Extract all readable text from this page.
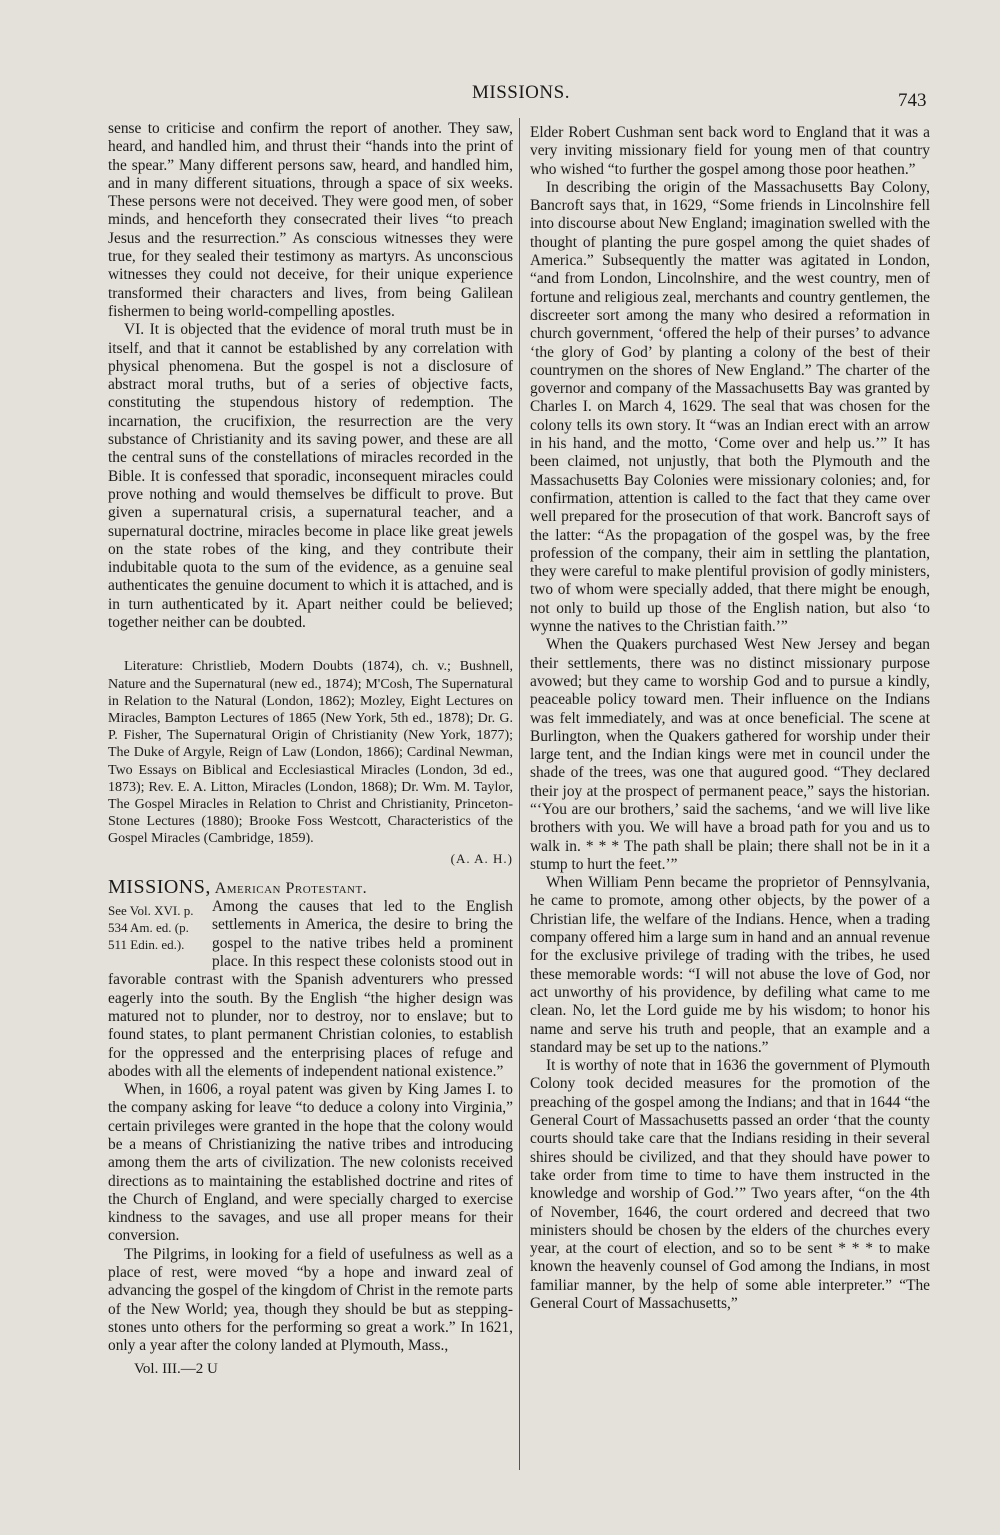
MISSIONS.	743

sense to criticise and confirm the report of another. They saw, heard, and handled him, and thrust their “hands into the print of the spear.” Many different persons saw, heard, and handled him, and in many different situations, through a space of six weeks. These persons were not deceived. They were good men, of sober minds, and henceforth they consecrated their lives “to preach Jesus and the resurrection.” As conscious witnesses they were true, for they sealed their testimony as martyrs. As unconscious witnesses they could not deceive, for their unique experience transformed their characters and lives, from being Galilean fishermen to being world-compelling apostles.

VI. It is objected that the evidence of moral truth must be in itself, and that it cannot be established by any correlation with physical phenomena. But the gospel is not a disclosure of abstract moral truths, but of a series of objective facts, constituting the stupendous history of redemption. The incarnation, the crucifixion, the resurrection are the very substance of Christianity and its saving power, and these are all the central suns of the constellations of miracles recorded in the Bible. It is confessed that sporadic, inconsequent miracles could prove nothing and would themselves be difficult to prove. But given a supernatural crisis, a supernatural teacher, and a supernatural doctrine, miracles become in place like great jewels on the state robes of the king, and they contribute their indubitable quota to the sum of the evidence, as a genuine seal authenticates the genuine document to which it is attached, and is in turn authenticated by it. Apart neither could be believed; together neither can be doubted.

Literature: Christlieb, Modern Doubts (1874), ch. v.; Bushnell, Nature and the Supernatural (new ed., 1874); M'Cosh, The Supernatural in Relation to the Natural (London, 1862); Mozley, Eight Lectures on Miracles, Bampton Lectures of 1865 (New York, 5th ed., 1878); Dr. G. P. Fisher, The Supernatural Origin of Christianity (New York, 1877); The Duke of Argyle, Reign of Law (London, 1866); Cardinal Newman, Two Essays on Biblical and Ecclesiastical Miracles (London, 3d ed., 1873); Rev. E. A. Litton, Miracles (London, 1868); Dr. Wm. M. Taylor, The Gospel Miracles in Relation to Christ and Christianity, Princeton-Stone Lectures (1880); Brooke Foss Westcott, Characteristics of the Gospel Miracles (Cambridge, 1859).

(A. A. H.)
MISSIONS, American Protestant.
See Vol. XVI. p. 534 Am. ed. (p. 511 Edin. ed.).

Among the causes that led to the English settlements in America, the desire to bring the gospel to the native tribes held a prominent place. In this respect these colonists stood out in favorable contrast with the Spanish adventurers who pressed eagerly into the south. By the English “the higher design was matured not to plunder, nor to destroy, nor to enslave; but to found states, to plant permanent Christian colonies, to establish for the oppressed and the enterprising places of refuge and abodes with all the elements of independent national existence.”

When, in 1606, a royal patent was given by King James I. to the company asking for leave “to deduce a colony into Virginia,” certain privileges were granted in the hope that the colony would be a means of Christianizing the native tribes and introducing among them the arts of civilization. The new colonists received directions as to maintaining the established doctrine and rites of the Church of England, and were specially charged to exercise kindness to the savages, and use all proper means for their conversion.

The Pilgrims, in looking for a field of usefulness as well as a place of rest, were moved “by a hope and inward zeal of advancing the gospel of the kingdom of Christ in the remote parts of the New World; yea, though they should be but as stepping-stones unto others for the performing so great a work.” In 1621, only a year after the colony landed at Plymouth, Mass.,

Vol. III.—2 U

Elder Robert Cushman sent back word to England that it was a very inviting missionary field for young men of that country who wished “to further the gospel among those poor heathen.”

In describing the origin of the Massachusetts Bay Colony, Bancroft says that, in 1629, “Some friends in Lincolnshire fell into discourse about New England; imagination swelled with the thought of planting the pure gospel among the quiet shades of America.” Subsequently the matter was agitated in London, “and from London, Lincolnshire, and the west country, men of fortune and religious zeal, merchants and country gentlemen, the discreeter sort among the many who desired a reformation in church government, ‘offered the help of their purses’ to advance ‘the glory of God’ by planting a colony of the best of their countrymen on the shores of New England.” The charter of the governor and company of the Massachusetts Bay was granted by Charles I. on March 4, 1629. The seal that was chosen for the colony tells its own story. It “was an Indian erect with an arrow in his hand, and the motto, ‘Come over and help us.’” It has been claimed, not unjustly, that both the Plymouth and the Massachusetts Bay Colonies were missionary colonies; and, for confirmation, attention is called to the fact that they came over well prepared for the prosecution of that work. Bancroft says of the latter: “As the propagation of the gospel was, by the free profession of the company, their aim in settling the plantation, they were careful to make plentiful provision of godly ministers, two of whom were specially added, that there might be enough, not only to build up those of the English nation, but also ‘to wynne the natives to the Christian faith.’”

When the Quakers purchased West New Jersey and began their settlements, there was no distinct missionary purpose avowed; but they came to worship God and to pursue a kindly, peaceable policy toward men. Their influence on the Indians was felt immediately, and was at once beneficial. The scene at Burlington, when the Quakers gathered for worship under their large tent, and the Indian kings were met in council under the shade of the trees, was one that augured good. “They declared their joy at the prospect of permanent peace,” says the historian. “‘You are our brothers,’ said the sachems, ‘and we will live like brothers with you. We will have a broad path for you and us to walk in. * * * The path shall be plain; there shall not be in it a stump to hurt the feet.’”

When William Penn became the proprietor of Pennsylvania, he came to promote, among other objects, by the power of a Christian life, the welfare of the Indians. Hence, when a trading company offered him a large sum in hand and an annual revenue for the exclusive privilege of trading with the tribes, he used these memorable words: “I will not abuse the love of God, nor act unworthy of his providence, by defiling what came to me clean. No, let the Lord guide me by his wisdom; to honor his name and serve his truth and people, that an example and a standard may be set up to the nations.”

It is worthy of note that in 1636 the government of Plymouth Colony took decided measures for the promotion of the preaching of the gospel among the Indians; and that in 1644 “the General Court of Massachusetts passed an order ‘that the county courts should take care that the Indians residing in their several shires should be civilized, and that they should have power to take order from time to time to have them instructed in the knowledge and worship of God.’” Two years after, “on the 4th of November, 1646, the court ordered and decreed that two ministers should be chosen by the elders of the churches every year, at the court of election, and so to be sent * * * to make known the heavenly counsel of God among the Indians, in most familiar manner, by the help of some able interpreter.” “The General Court of Massachusetts,”
